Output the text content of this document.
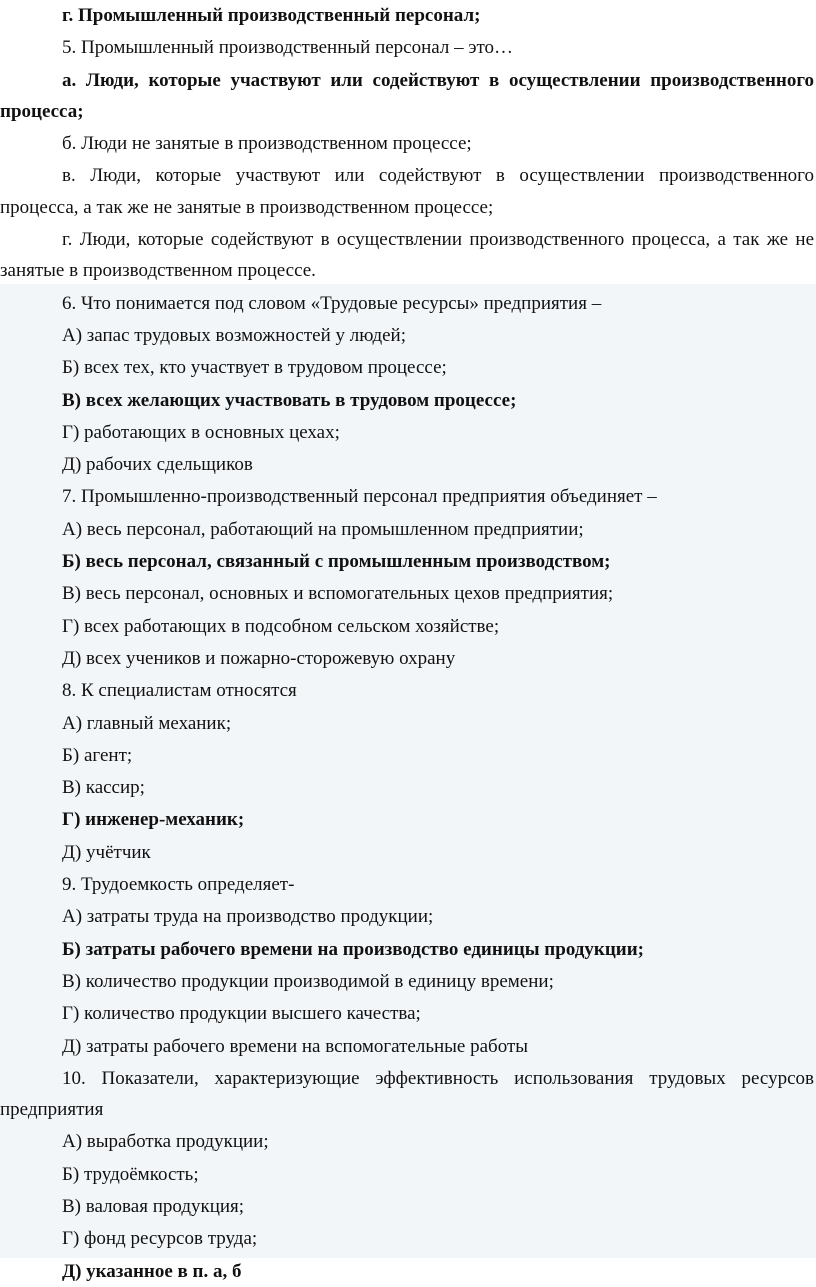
г. Промышленный производственный персонал;

5. Промышленный производственный персонал – это…

а. Люди, которые участвуют или содействуют в осуществлении производственного процесса;

б. Люди не занятые в производственном процессе;

в. Люди, которые участвуют или содействуют в осуществлении производственного процесса, а так же не занятые в производственном процессе;

г. Люди, которые содействуют в осуществлении производственного процесса, а так же не занятые в производственном процессе.

6. Что понимается под словом «Трудовые ресурсы» предприятия –

А) запас трудовых возможностей у людей;

Б) всех тех, кто участвует в трудовом процессе;

В) всех желающих участвовать в трудовом процессе;

Г) работающих в основных цехах;

Д) рабочих сдельщиков

7. Промышленно-производственный персонал предприятия объединяет –

А) весь персонал, работающий на промышленном предприятии;

Б) весь персонал, связанный с промышленным производством;

В) весь персонал, основных и вспомогательных цехов предприятия;

Г) всех работающих в подсобном сельском хозяйстве;

Д) всех учеников и пожарно-сторожевую охрану

8. К специалистам относятся

А) главный механик;

Б) агент;

В) кассир;

Г) инженер-механик;

Д) учётчик

9. Трудоемкость определяет-

А) затраты труда на производство продукции;

Б) затраты рабочего времени на производство единицы продукции;

В) количество продукции производимой в единицу времени;

Г) количество продукции высшего качества;

Д) затраты рабочего времени на вспомогательные работы

10. Показатели, характеризующие эффективность использования трудовых ресурсов предприятия

А) выработка продукции;

Б) трудоёмкость;

В) валовая продукция;

Г) фонд ресурсов труда;

Д) указанное в п. а, б
